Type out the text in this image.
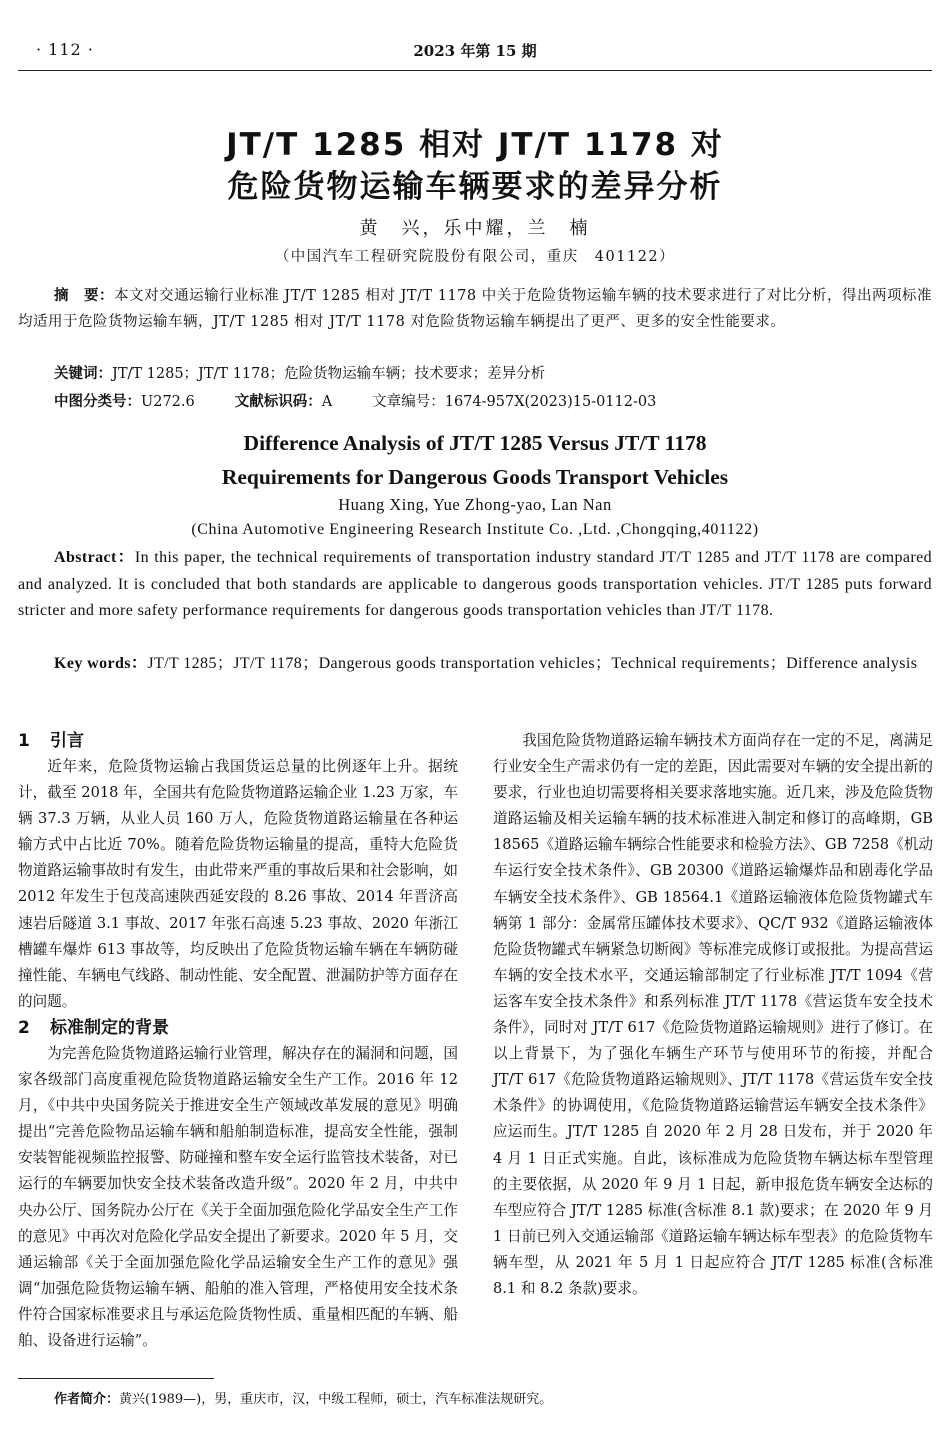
· 112 ·	2023 年第 15 期
JT/T 1285 相对 JT/T 1178 对
危险货物运输车辆要求的差异分析
黄　兴，乐中耀，兰　楠
（中国汽车工程研究院股份有限公司，重庆　401122）
摘　要：本文对交通运输行业标准 JT/T 1285 相对 JT/T 1178 中关于危险货物运输车辆的技术要求进行了对比分析，得出两项标准均适用于危险货物运输车辆，JT/T 1285 相对 JT/T 1178 对危险货物运输车辆提出了更严、更多的安全性能要求。
关键词：JT/T 1285；JT/T 1178；危险货物运输车辆；技术要求；差异分析
中图分类号：U272.6	文献标识码：A	文章编号：1674-957X(2023)15-0112-03
Difference Analysis of JT/T 1285 Versus JT/T 1178
Requirements for Dangerous Goods Transport Vehicles
Huang Xing, Yue Zhong-yao, Lan Nan
(China Automotive Engineering Research Institute Co. ,Ltd. ,Chongqing,401122)
Abstract：In this paper, the technical requirements of transportation industry standard JT/T 1285 and JT/T 1178 are compared and analyzed. It is concluded that both standards are applicable to dangerous goods transportation vehicles. JT/T 1285 puts forward stricter and more safety performance requirements for dangerous goods transportation vehicles than JT/T 1178.
Key words：JT/T 1285；JT/T 1178；Dangerous goods transportation vehicles；Technical requirements；Difference analysis
1 引言

近年来，危险货物运输占我国货运总量的比例逐年上升。据统计，截至 2018 年，全国共有危险货物道路运输企业 1.23 万家，车辆 37.3 万辆，从业人员 160 万人，危险货物道路运输量在各种运输方式中占比近 70%。随着危险货物运输量的提高，重特大危险货物道路运输事故时有发生，由此带来严重的事故后果和社会影响，如 2012 年发生于包茂高速陕西延安段的 8.26 事故、2014 年晋济高速岩后隧道 3.1 事故、2017 年张石高速 5.23 事故、2020 年浙江槽罐车爆炸 613 事故等，均反映出了危险货物运输车辆在车辆防碰撞性能、车辆电气线路、制动性能、安全配置、泄漏防护等方面存在的问题。

2 标准制定的背景

为完善危险货物道路运输行业管理，解决存在的漏洞和问题，国家各级部门高度重视危险货物道路运输安全生产工作。2016 年 12 月，《中共中央国务院关于推进安全生产领域改革发展的意见》明确提出“完善危险物品运输车辆和船舶制造标准，提高安全性能，强制安装智能视频监控报警、防碰撞和整车安全运行监管技术装备，对已运行的车辆要加快安全技术装备改造升级”。2020 年 2 月，中共中央办公厅、国务院办公厅在《关于全面加强危险化学品安全生产工作的意见》中再次对危险化学品安全提出了新要求。2020 年 5 月，交通运输部《关于全面加强危险化学品运输安全生产工作的意见》强调“加强危险货物运输车辆、船舶的准入管理，严格使用安全技术条件符合国家标准要求且与承运危险货物性质、重量相匹配的车辆、船舶、设备进行运输”。

我国危险货物道路运输车辆技术方面尚存在一定的不足，离满足行业安全生产需求仍有一定的差距，因此需要对车辆的安全提出新的要求，行业也迫切需要将相关要求落地实施。近几来，涉及危险货物道路运输及相关运输车辆的技术标准进入制定和修订的高峰期，GB 18565《道路运输车辆综合性能要求和检验方法》、GB 7258《机动车运行安全技术条件》、GB 20300《道路运输爆炸品和剧毒化学品车辆安全技术条件》、GB 18564.1《道路运输液体危险货物罐式车辆第 1 部分：金属常压罐体技术要求》、QC/T 932《道路运输液体危险货物罐式车辆紧急切断阀》等标准完成修订或报批。为提高营运车辆的安全技术水平，交通运输部制定了行业标准 JT/T 1094《营运客车安全技术条件》和系列标准 JT/T 1178《营运货车安全技术条件》，同时对 JT/T 617《危险货物道路运输规则》进行了修订。在以上背景下，为了强化车辆生产环节与使用环节的衔接，并配合 JT/T 617《危险货物道路运输规则》、JT/T 1178《营运货车安全技术条件》的协调使用，《危险货物道路运输营运车辆安全技术条件》应运而生。JT/T 1285 自 2020 年 2 月 28 日发布，并于 2020 年 4 月 1 日正式实施。自此，该标准成为危险货物车辆达标车型管理的主要依据，从 2020 年 9 月 1 日起，新申报危货车辆安全达标的车型应符合 JT/T 1285 标准(含标准 8.1 款)要求；在 2020 年 9 月 1 日前已列入交通运输部《道路运输车辆达标车型表》的危险货物车辆车型，从 2021 年 5 月 1 日起应符合 JT/T 1285 标准(含标准 8.1 和 8.2 条款)要求。

作者简介：黄兴(1989—)，男，重庆市，汉，中级工程师，硕士，汽车标准法规研究。
